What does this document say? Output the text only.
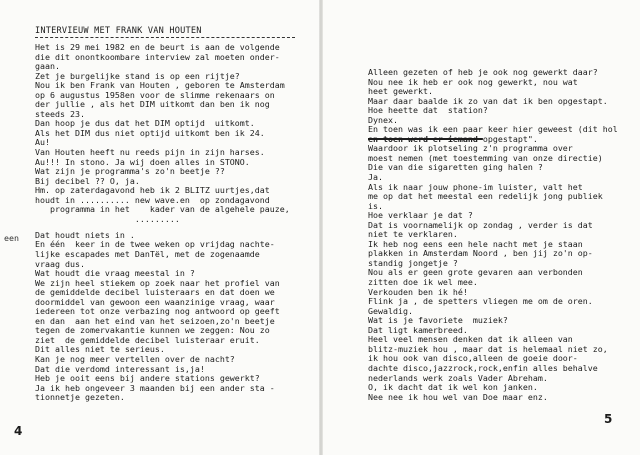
INTERVIEUW MET FRANK VAN HOUTEN
Het is 29 mei 1982 en de beurt is aan de volgende
die dit onontkoombare interview zal moeten onder-
gaan.
Zet je burgelijke stand is op een rijtje?
Nou ik ben Frank van Houten , geboren te Amsterdam
op 6 augustus 1958en voor de slimme rekenaars on
der jullie , als het DIM uitkomt dan ben ik nog
steeds 23.
Dan hoop je dus dat het DIM optijd  uitkomt.
Als het DIM dus niet optijd uitkomt ben ik 24.
Au!
Van Houten heeft nu reeds pijn in zijn harses.
Au!!! In stono. Ja wij doen alles in STONO.
Wat zijn je programma's zo'n beetje ??
Bij decibel ?? O, ja.
Hm. op zaterdagavond heb ik 2 BLITZ uurtjes,dat
houdt in .......... new wave.en  op zondagavond
programma in het    kader van de algehele pauze,
.........
Dat houdt niets in .
En één  keer in de twee weken op vrijdag nachte-
lijke escapades met DanTël, met de zogenaamde
vraag dus.
Wat houdt die vraag meestal in ?
We zijn heel stiekem op zoek naar het profiel van
de gemiddelde decibel luisteraars en dat doen we
doormiddel van gewoon een waanzinige vraag, waar
iedereen tot onze verbazing nog antwoord op geeft
en dan  aan het eind van het seizoen,zo'n beetje
tegen de zomervakantie kunnen we zeggen: Nou zo
ziet  de gemiddelde decibel luisteraar eruit.
Dit alles niet te serieus.
Kan je nog meer vertellen over de nacht?
Dat die verdomd interessant is,ja!
Heb je ooit eens bij andere stations gewerkt?
Ja ik heb ongeveer 3 maanden bij een ander sta -
tionnetje gezeten.
een
4
Alleen gezeten of heb je ook nog gewerkt daar?
Nou nee ik heb er ook nog gewerkt, nou wat
heet gewerkt.
Maar daar baalde ik zo van dat ik ben opgestapt.
Hoe heette dat  station?
Dynex.
En toen was ik een paar keer hier geweest (dit hol
en toen werd er iemand opgestapt".
Waardoor ik plotseling z'n programma over
moest nemen (met toestemming van onze directie)
Die van die sigaretten ging halen ?
Ja.
Als ik naar jouw phone-im luister, valt het
me op dat het meestal een redelijk jong publiek
is.
Hoe verklaar je dat ?
Dat is voornamelijk op zondag , verder is dat
niet te verklaren.
Ik heb nog eens een hele nacht met je staan
plakken in Amsterdam Noord , ben jij zo'n op-
standig jongetje ?
Nou als er geen grote gevaren aan verbonden
zitten doe ik wel mee.
Verkouden ben ik hé!
Flink ja , de spetters vliegen me om de oren.
Gewaldig.
Wat is je favoriete  muziek?
Dat ligt kamerbreed.
Heel veel mensen denken dat ik alleen van
blitz-muziek hou , maar dat is helemaal niet zo,
ik hou ook van disco,alleen de goeie door-
dachte disco,jazzrock,rock,enfin alles behalve
nederlands werk zoals Vader Abreham.
O, ik dacht dat ik wel kon janken.
Nee nee ik hou wel van Doe maar enz.
5
